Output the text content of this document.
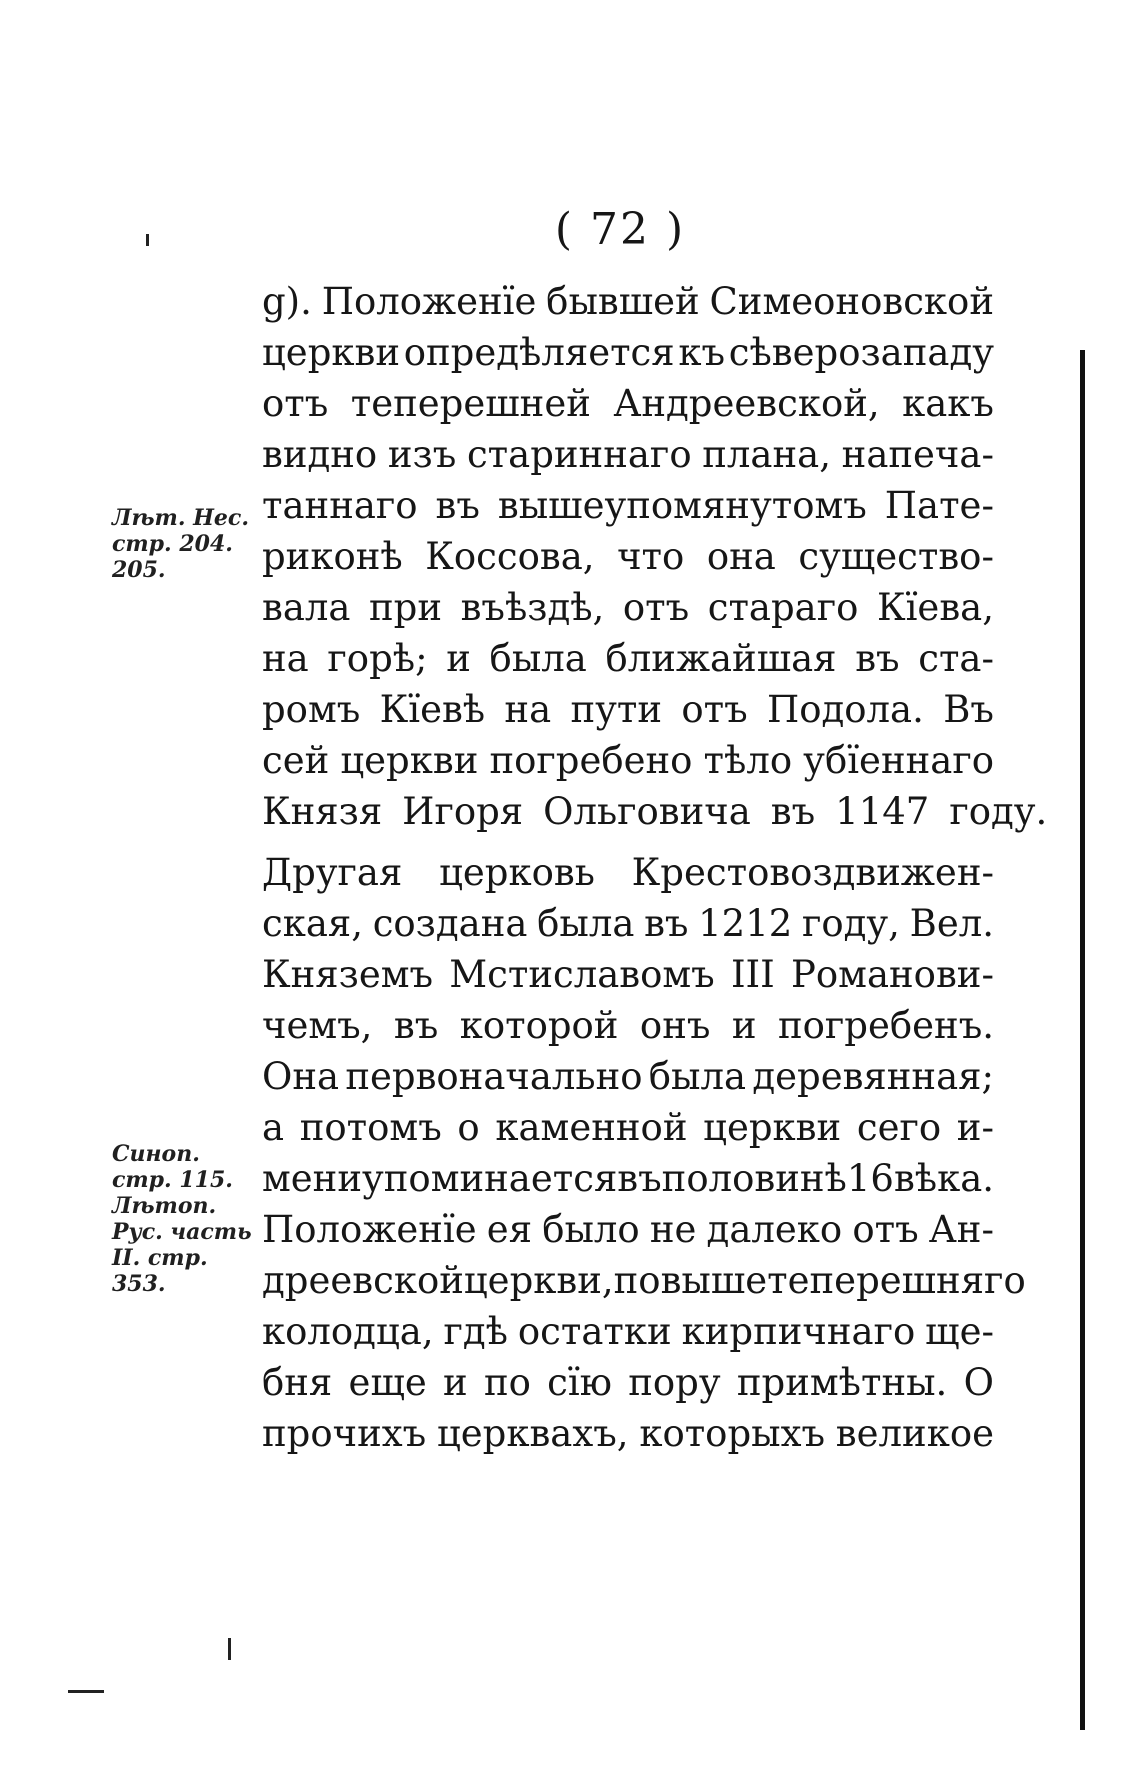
( 72 )
g). Положенїе бывшей Симеоновской
церкви опредѣляется къ сѣверозападу
отъ теперешней Андреевской, какъ
видно изъ стариннаго плана, напеча-
таннаго въ вышеупомянутомъ Пате-
риконѣ Коссова, что она существо-
вала при въѣздѣ, отъ стараго Кїева,
на горѣ; и была ближайшая въ ста-
ромъ Кїевѣ на пути отъ Подола. Въ
сей церкви погребено тѣло убїеннаго
Князя Игоря Ольговича въ 1147 году.
Другая церковь Крестовоздвижен-
ская, создана была въ 1212 году, Вел.
Княземъ Мстиславомъ III Романови-
чемъ, въ которой онъ и погребенъ.
Она первоначально была деревянная;
а потомъ о каменной церкви сего и-
мени упоминается въ половинѣ 16вѣка.
Положенїе ея было не далеко отъ Ан-
дреевской церкви, по выше теперешняго
колодца, гдѣ остатки кирпичнаго ще-
бня еще и по сїю пору примѣтны. О
прочихъ церквахъ, которыхъ великое
Лѣт. Нес.
стр. 204.
205.
Синоп.
стр. 115.
Лѣтоп.
Рус. часть
II. стр.
353.
